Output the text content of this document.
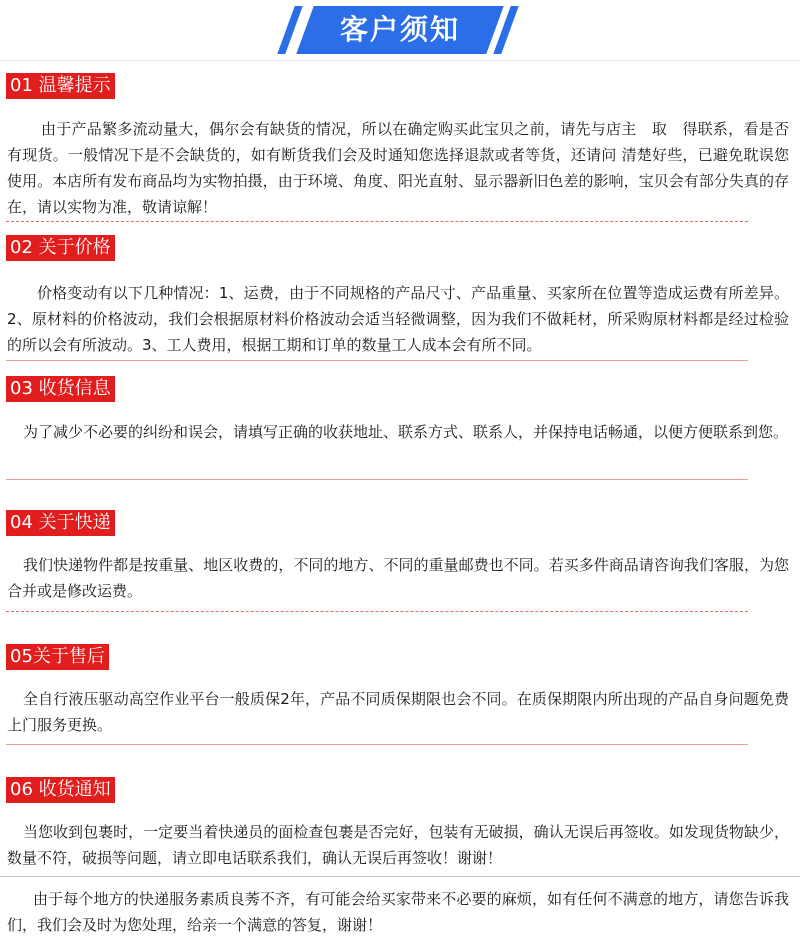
客户须知
01 温馨提示

由于产品繁多流动量大，偶尔会有缺货的情况，所以在确定购买此宝贝之前，请先与店主　取　得联系，看是否有现货。一般情况下是不会缺货的，如有断货我们会及时通知您选择退款或者等货，还请问 清楚好些，已避免耽误您使用。本店所有发布商品均为实物拍摄，由于环境、角度、阳光直射、显示器新旧色差的影响，宝贝会有部分失真的存在，请以实物为准，敬请谅解！

02 关于价格

价格变动有以下几种情况：1、运费，由于不同规格的产品尺寸、产品重量、买家所在位置等造成运费有所差异。2、原材料的价格波动，我们会根据原材料价格波动会适当轻微调整，因为我们不做耗材，所采购原材料都是经过检验的所以会有所波动。3、工人费用，根据工期和订单的数量工人成本会有所不同。

03 收货信息

为了减少不必要的纠纷和误会，请填写正确的收获地址、联系方式、联系人，并保持电话畅通，以便方便联系到您。

04 关于快递

我们快递物件都是按重量、地区收费的，不同的地方、不同的重量邮费也不同。若买多件商品请咨询我们客服，为您合并或是修改运费。

05关于售后

全自行液压驱动高空作业平台一般质保2年，产品不同质保期限也会不同。在质保期限内所出现的产品自身问题免费上门服务更换。

06 收货通知

当您收到包裹时，一定要当着快递员的面检查包裹是否完好，包装有无破损，确认无误后再签收。如发现货物缺少，数量不符，破损等问题，请立即电话联系我们，确认无误后再签收！谢谢！

由于每个地方的快递服务素质良莠不齐，有可能会给买家带来不必要的麻烦，如有任何不满意的地方，请您告诉我们，我们会及时为您处理，给亲一个满意的答复，谢谢！
